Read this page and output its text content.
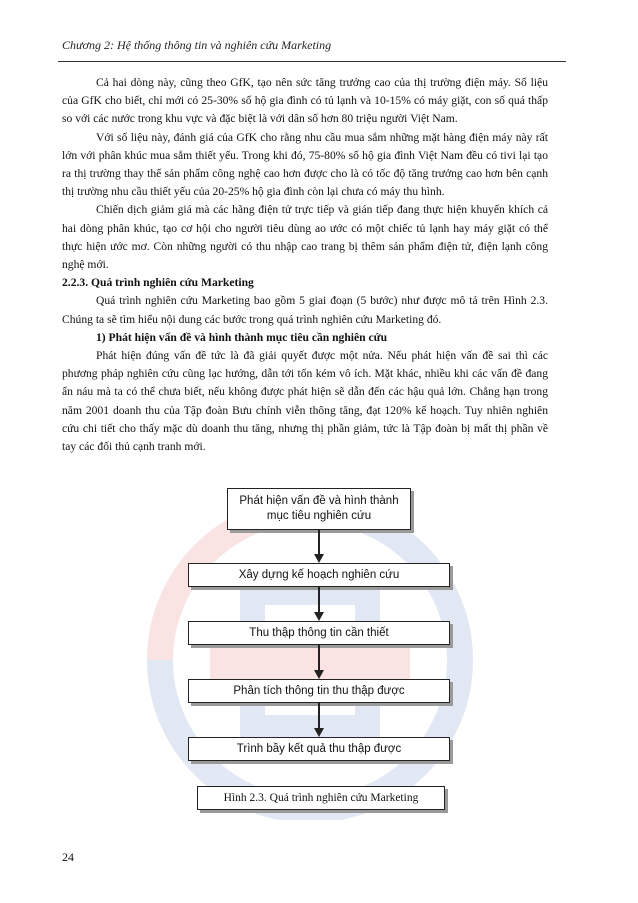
Chương 2: Hệ thống thông tin và nghiên cứu Marketing

Cả hai dòng này, cũng theo GfK, tạo nên sức tăng trưởng cao của thị trường điện máy. Số liệu của GfK cho biết, chỉ mới có 25-30% số hộ gia đình có tủ lạnh và 10-15% có máy giặt, con số quá thấp so với các nước trong khu vực và đặc biệt là với dân số hơn 80 triệu người Việt Nam.

Với số liệu này, đánh giá của GfK cho rằng nhu cầu mua sắm những mặt hàng điện máy này rất lớn với phân khúc mua sắm thiết yếu. Trong khi đó, 75-80% số hộ gia đình Việt Nam đều có tivi lại tạo ra thị trường thay thế sản phẩm công nghệ cao hơn được cho là có tốc độ tăng trưởng cao hơn bên cạnh thị trường nhu cầu thiết yếu của 20-25% hộ gia đình còn lại chưa có máy thu hình.

Chiến dịch giảm giá mà các hãng điện tử trực tiếp và gián tiếp đang thực hiện khuyến khích cả hai dòng phân khúc, tạo cơ hội cho người tiêu dùng ao ước có một chiếc tủ lạnh hay máy giặt có thể thực hiện ước mơ. Còn những người có thu nhập cao trang bị thêm sản phẩm điện tử, điện lạnh công nghệ mới.

2.2.3. Quá trình nghiên cứu Marketing

Quá trình nghiên cứu Marketing bao gồm 5 giai đoạn (5 bước) như được mô tả trên Hình 2.3. Chúng ta sẽ tìm hiểu nội dung các bước trong quá trình nghiên cứu Marketing đó.

1) Phát hiện vấn đề và hình thành mục tiêu cần nghiên cứu

Phát hiện đúng vấn đề tức là đã giải quyết được một nửa. Nếu phát hiện vấn đề sai thì các phương pháp nghiên cứu cũng lạc hướng, dẫn tới tốn kém vô ích. Mặt khác, nhiều khi các vấn đề đang ẩn náu mà ta có thể chưa biết, nếu không được phát hiện sẽ dẫn đến các hậu quả lớn. Chẳng hạn trong năm 2001 doanh thu của Tập đoàn Bưu chính viễn thông tăng, đạt 120% kế hoạch. Tuy nhiên nghiên cứu chi tiết cho thấy mặc dù doanh thu tăng, nhưng thị phần giảm, tức là Tập đoàn bị mất thị phần về tay các đối thủ cạnh tranh mới.

Phát hiện vấn đề và hình thành mục tiêu nghiên cứu
Xây dựng kế hoạch nghiên cứu
Thu thập thông tin cần thiết
Phân tích thông tin thu thập được
Trình bầy kết quả thu thập được
Hình 2.3. Quá trình nghiên cứu Marketing
24
